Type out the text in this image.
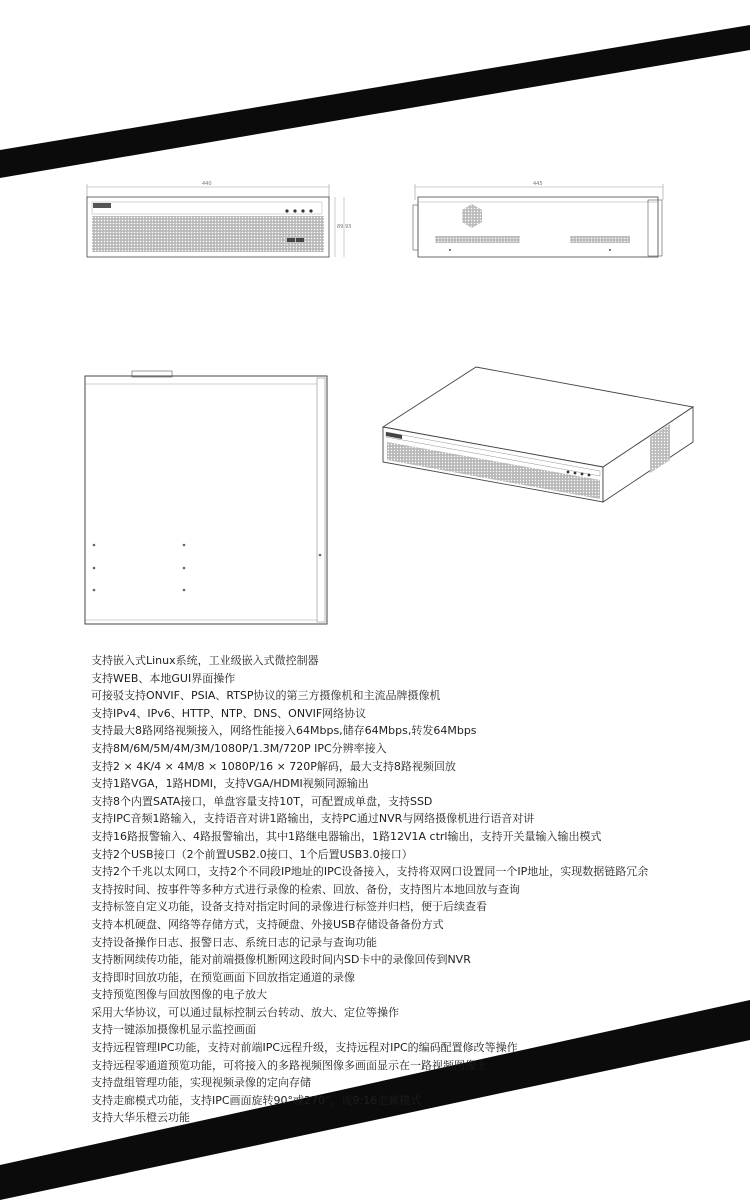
440
89 93
445
支持嵌入式Linux系统，工业级嵌入式微控制器
支持WEB、本地GUI界面操作
可接驳支持ONVIF、PSIA、RTSP协议的第三方摄像机和主流品牌摄像机
支持IPv4、IPv6、HTTP、NTP、DNS、ONVIF网络协议
支持最大8路网络视频接入，网络性能接入64Mbps,储存64Mbps,转发64Mbps
支持8M/6M/5M/4M/3M/1080P/1.3M/720P IPC分辨率接入
支持2 × 4K/4 × 4M/8 × 1080P/16 × 720P解码，最大支持8路视频回放
支持1路VGA，1路HDMI，支持VGA/HDMI视频同源输出
支持8个内置SATA接口，单盘容量支持10T，可配置成单盘，支持SSD
支持IPC音频1路输入，支持语音对讲1路输出，支持PC通过NVR与网络摄像机进行语音对讲
支持16路报警输入、4路报警输出，其中1路继电器输出，1路12V1A ctrl输出，支持开关量输入输出模式
支持2个USB接口（2个前置USB2.0接口、1个后置USB3.0接口）
支持2个千兆以太网口，支持2个不同段IP地址的IPC设备接入，支持将双网口设置同一个IP地址，实现数据链路冗余
支持按时间、按事件等多种方式进行录像的检索、回放、备份，支持图片本地回放与查询
支持标签自定义功能，设备支持对指定时间的录像进行标签并归档，便于后续查看
支持本机硬盘、网络等存储方式，支持硬盘、外接USB存储设备备份方式
支持设备操作日志、报警日志、系统日志的记录与查询功能
支持断网续传功能，能对前端摄像机断网这段时间内SD卡中的录像回传到NVR
支持即时回放功能，在预览画面下回放指定通道的录像
支持预览图像与回放图像的电子放大
采用大华协议，可以通过鼠标控制云台转动、放大、定位等操作
支持一键添加摄像机显示监控画面
支持远程管理IPC功能，支持对前端IPC远程升级，支持远程对IPC的编码配置修改等操作
支持远程零通道预览功能，可将接入的多路视频图像多画面显示在一路视频图像上
支持盘组管理功能，实现视频录像的定向存储
支持走廊模式功能，支持IPC画面旋转90°或270°，成9:16走廊模式
支持大华乐橙云功能
